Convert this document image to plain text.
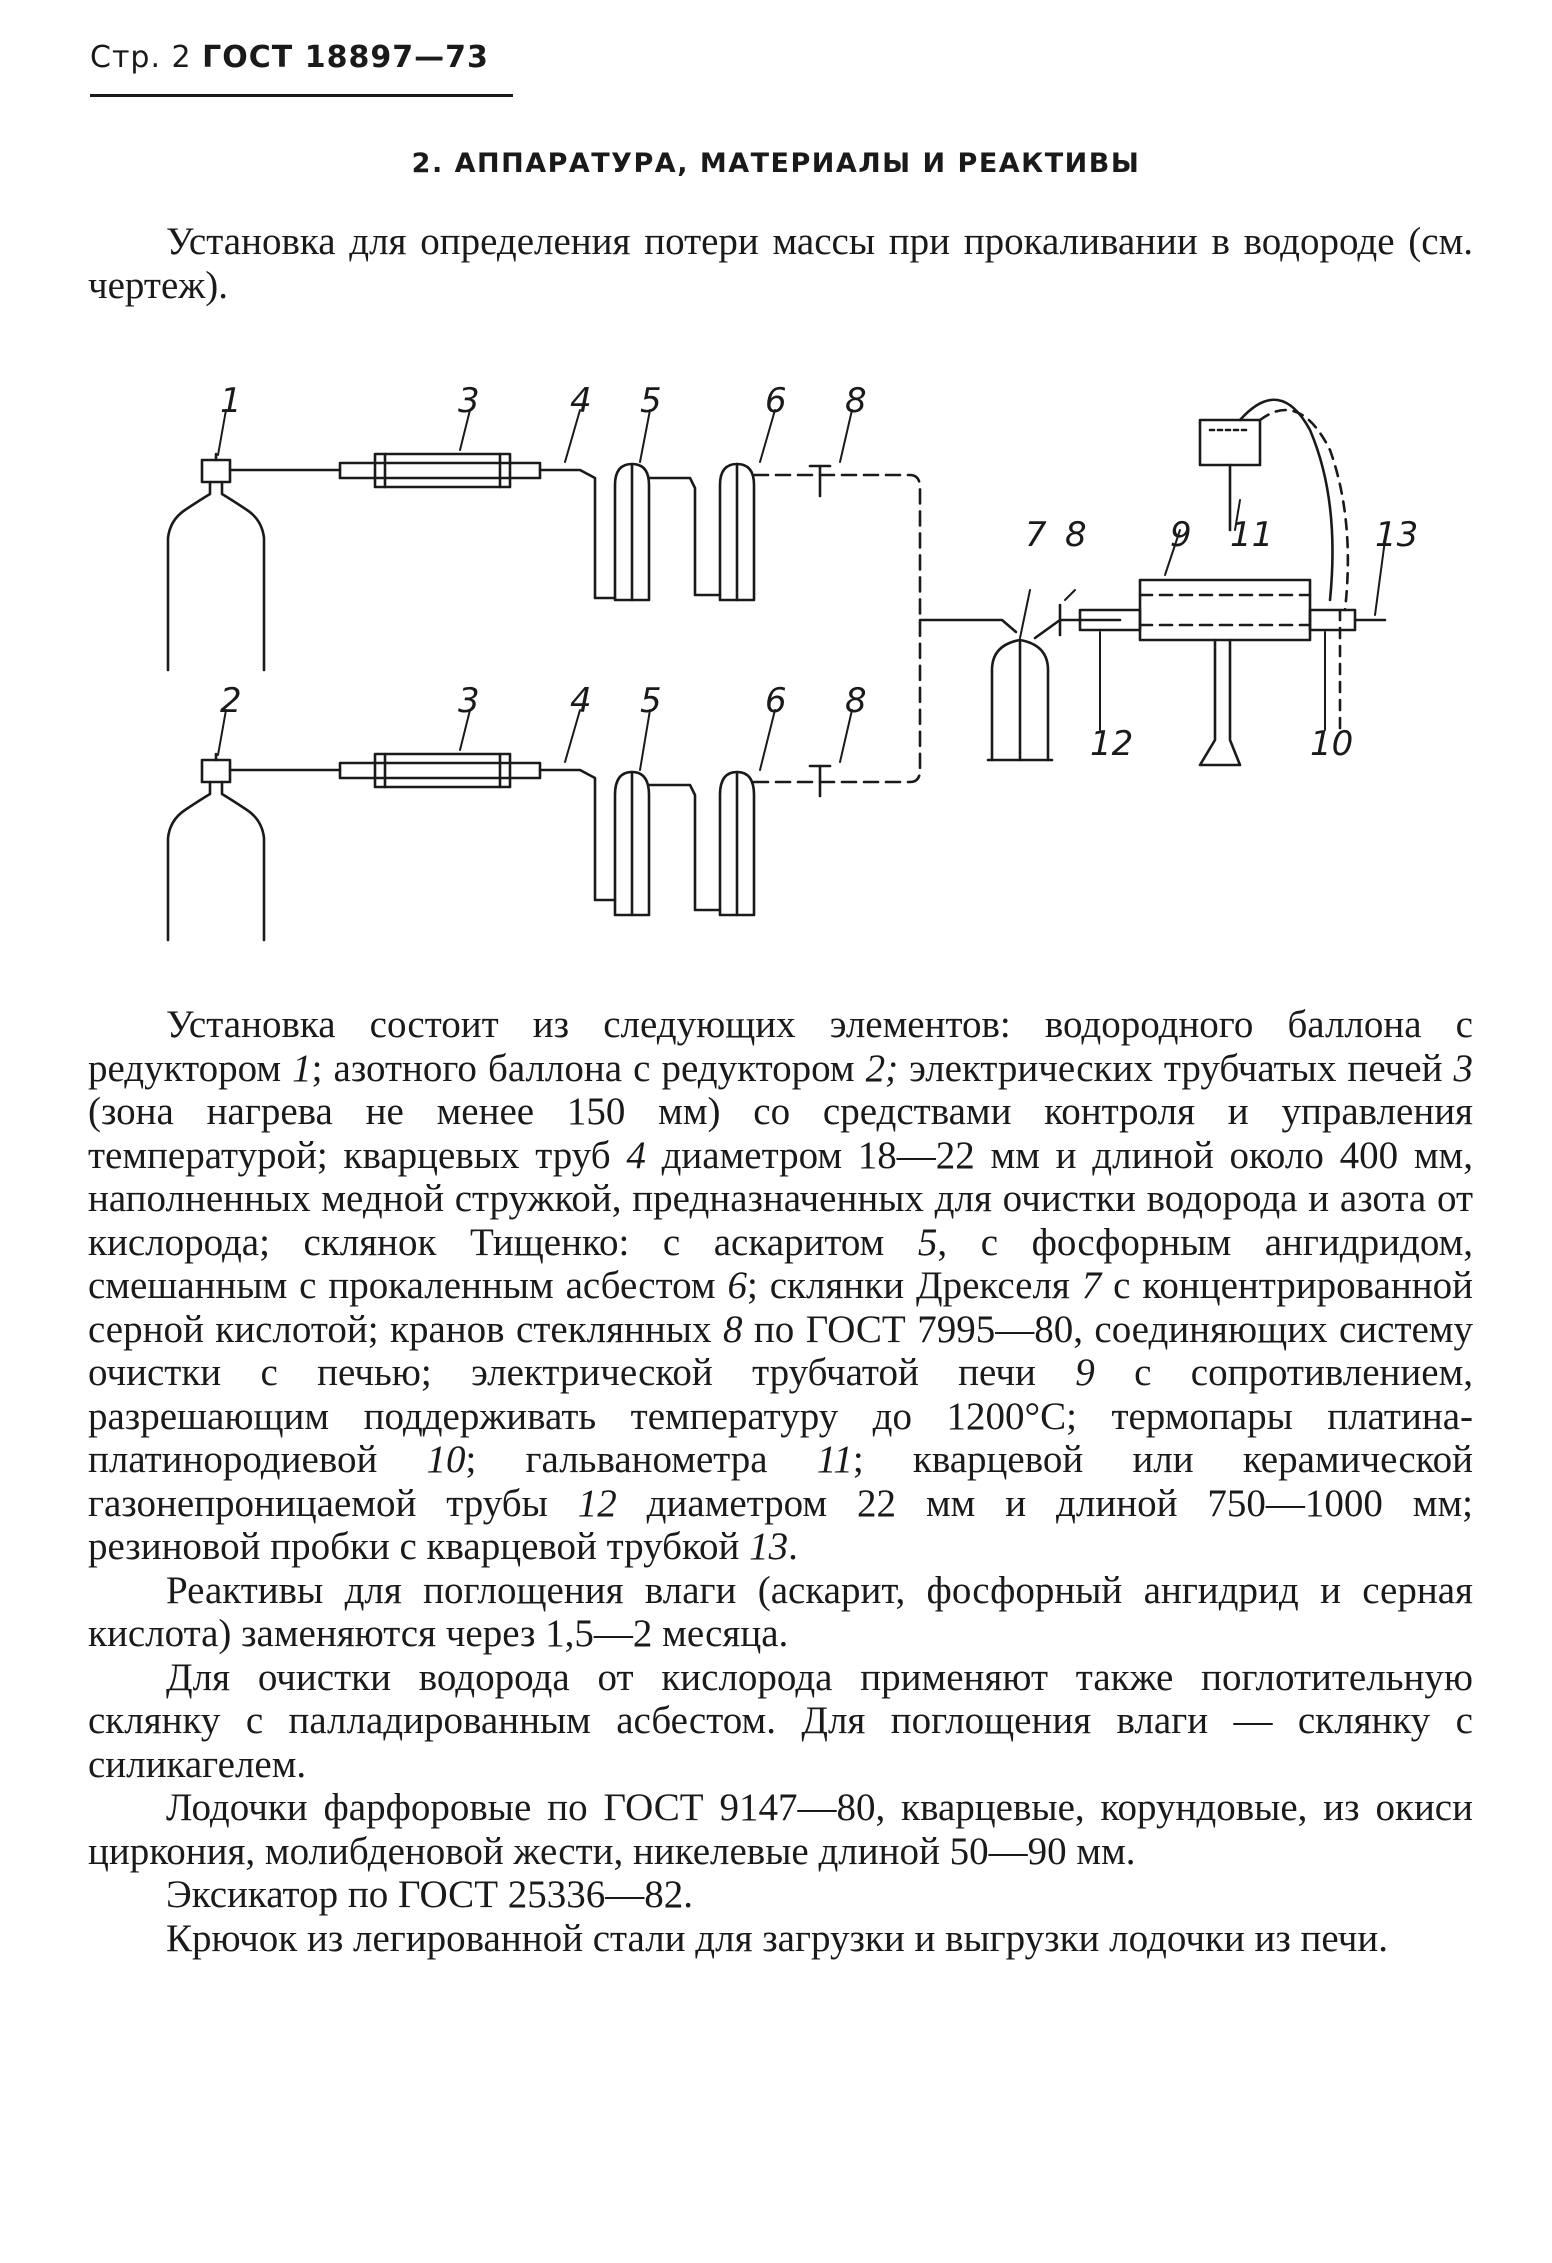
Стр. 2 ГОСТ 18897—73
2. АППАРАТУРА, МАТЕРИАЛЫ И РЕАКТИВЫ

Установка для определения потери массы при прокаливании в водороде (см. чертеж).

1	3	4 5	6 8
2	3	4 5	6 8
7 8 9 11	13
12	10

Установка состоит из следующих элементов: водородного баллона с редуктором 1; азотного баллона с редуктором 2; электрических трубчатых печей 3 (зона нагрева не менее 150 мм) со средствами контроля и управления температурой; кварцевых труб 4 диаметром 18—22 мм и длиной около 400 мм, наполненных медной стружкой, предназначенных для очистки водорода и азота от кислорода; склянок Тищенко: с аскаритом 5, с фосфорным ангидридом, смешанным с прокаленным асбестом 6; склянки Дрекселя 7 с концентрированной серной кислотой; кранов стеклянных 8 по ГОСТ 7995—80, соединяющих систему очистки с печью; электрической трубчатой печи 9 с сопротивлением, разрешающим поддерживать температуру до 1200°С; термопары платина-платинородиевой 10; гальванометра 11; кварцевой или керамической газонепроницаемой трубы 12 диаметром 22 мм и длиной 750—1000 мм; резиновой пробки с кварцевой трубкой 13.

Реактивы для поглощения влаги (аскарит, фосфорный ангидрид и серная кислота) заменяются через 1,5—2 месяца.

Для очистки водорода от кислорода применяют также поглотительную склянку с палладированным асбестом. Для поглощения влаги — склянку с силикагелем.

Лодочки фарфоровые по ГОСТ 9147—80, кварцевые, корундовые, из окиси циркония, молибденовой жести, никелевые длиной 50—90 мм.

Эксикатор по ГОСТ 25336—82.

Крючок из легированной стали для загрузки и выгрузки лодочки из печи.
